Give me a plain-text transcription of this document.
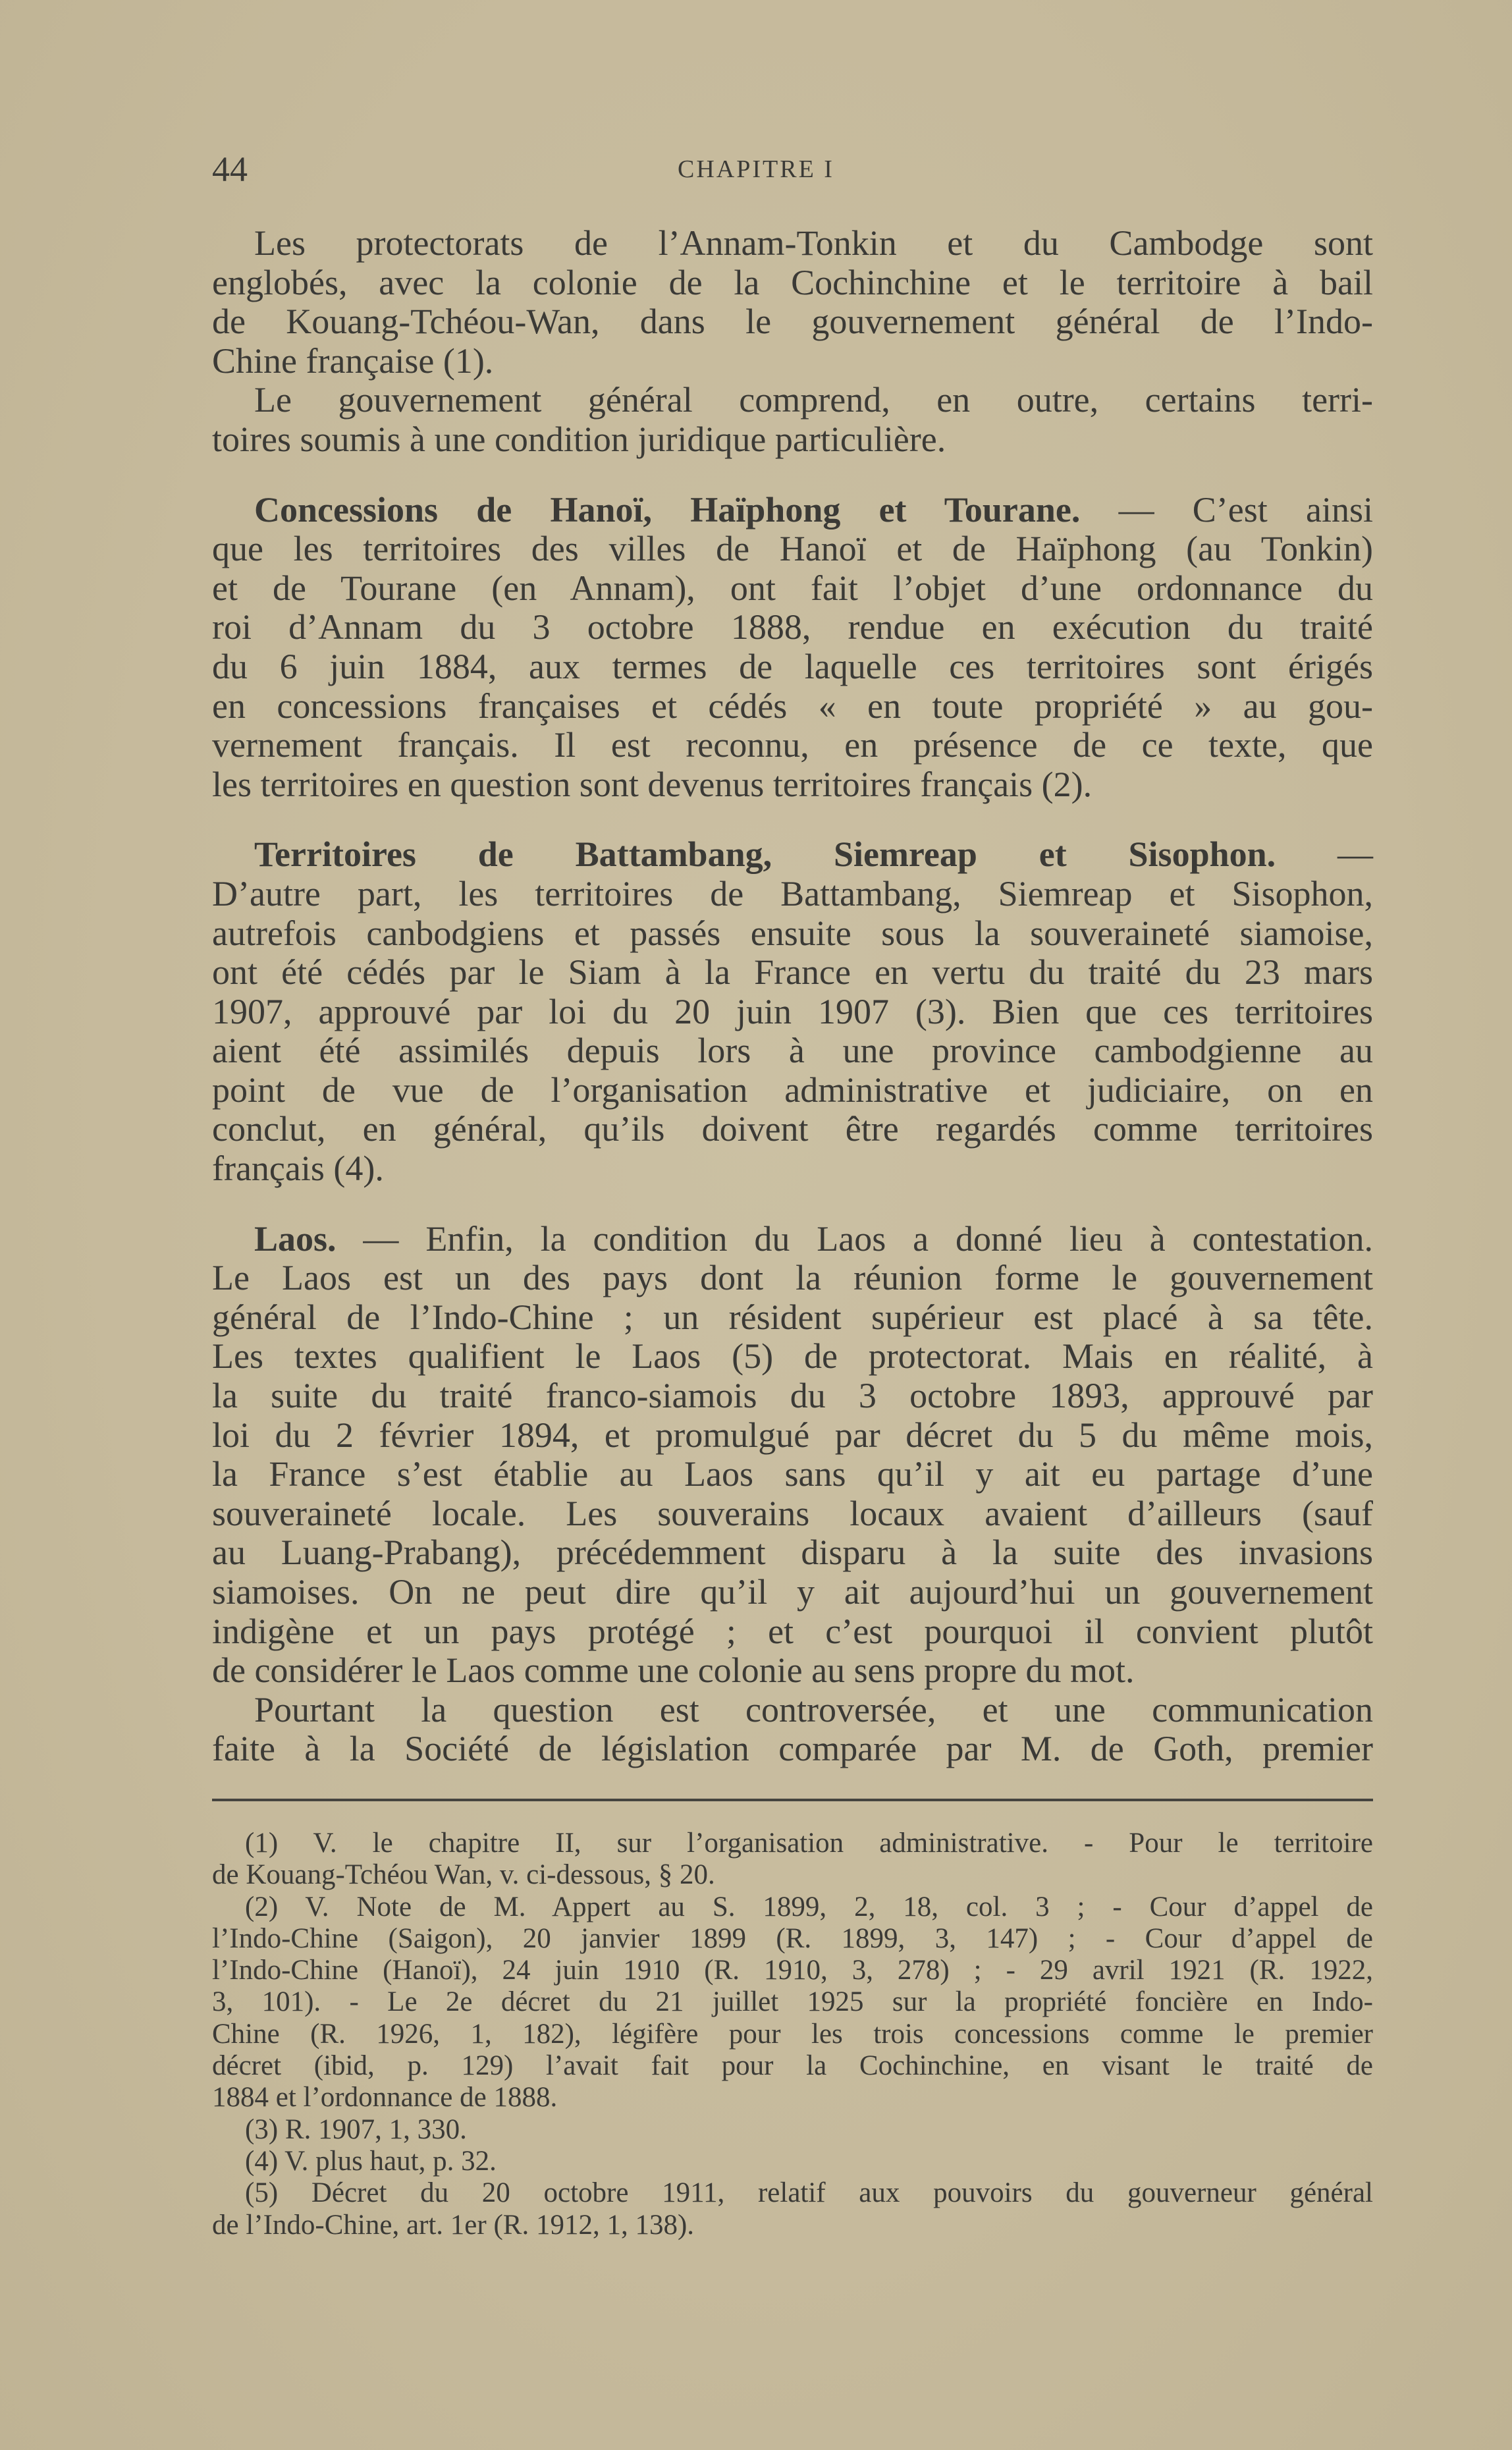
44	CHAPITRE I
Les protectorats de l’Annam-Tonkin et du Cambodge sont
englobés, avec la colonie de la Cochinchine et le territoire à bail
de Kouang-Tchéou-Wan, dans le gouvernement général de l’Indo-
Chine française (1).
Le gouvernement général comprend, en outre, certains terri-
toires soumis à une condition juridique particulière.
Concessions de Hanoï, Haïphong et Tourane. — C’est ainsi
que les territoires des villes de Hanoï et de Haïphong (au Tonkin)
et de Tourane (en Annam), ont fait l’objet d’une ordonnance du
roi d’Annam du 3 octobre 1888, rendue en exécution du traité
du 6 juin 1884, aux termes de laquelle ces territoires sont érigés
en concessions françaises et cédés « en toute propriété » au gou-
vernement français. Il est reconnu, en présence de ce texte, que
les territoires en question sont devenus territoires français (2).
Territoires de Battambang, Siemreap et Sisophon. —
D’autre part, les territoires de Battambang, Siemreap et Sisophon,
autrefois canbodgiens et passés ensuite sous la souveraineté siamoise,
ont été cédés par le Siam à la France en vertu du traité du 23 mars
1907, approuvé par loi du 20 juin 1907 (3). Bien que ces territoires
aient été assimilés depuis lors à une province cambodgienne au
point de vue de l’organisation administrative et judiciaire, on en
conclut, en général, qu’ils doivent être regardés comme territoires
français (4).
Laos. — Enfin, la condition du Laos a donné lieu à contestation.
Le Laos est un des pays dont la réunion forme le gouvernement
général de l’Indo-Chine ; un résident supérieur est placé à sa tête.
Les textes qualifient le Laos (5) de protectorat. Mais en réalité, à
la suite du traité franco-siamois du 3 octobre 1893, approuvé par
loi du 2 février 1894, et promulgué par décret du 5 du même mois,
la France s’est établie au Laos sans qu’il y ait eu partage d’une
souveraineté locale. Les souverains locaux avaient d’ailleurs (sauf
au Luang-Prabang), précédemment disparu à la suite des invasions
siamoises. On ne peut dire qu’il y ait aujourd’hui un gouvernement
indigène et un pays protégé ; et c’est pourquoi il convient plutôt
de considérer le Laos comme une colonie au sens propre du mot.
Pourtant la question est controversée, et une communication
faite à la Société de législation comparée par M. de Goth, premier
(1) V. le chapitre II, sur l’organisation administrative. - Pour le territoire
de Kouang-Tchéou Wan, v. ci-dessous, § 20.
(2) V. Note de M. Appert au S. 1899, 2, 18, col. 3 ; - Cour d’appel de
l’Indo-Chine (Saigon), 20 janvier 1899 (R. 1899, 3, 147) ; - Cour d’appel de
l’Indo-Chine (Hanoï), 24 juin 1910 (R. 1910, 3, 278) ; - 29 avril 1921 (R. 1922,
3, 101). - Le 2e décret du 21 juillet 1925 sur la propriété foncière en Indo-
Chine (R. 1926, 1, 182), légifère pour les trois concessions comme le premier
décret (ibid, p. 129) l’avait fait pour la Cochinchine, en visant le traité de
1884 et l’ordonnance de 1888.
(3) R. 1907, 1, 330.
(4) V. plus haut, p. 32.
(5) Décret du 20 octobre 1911, relatif aux pouvoirs du gouverneur général
de l’Indo-Chine, art. 1er (R. 1912, 1, 138).
